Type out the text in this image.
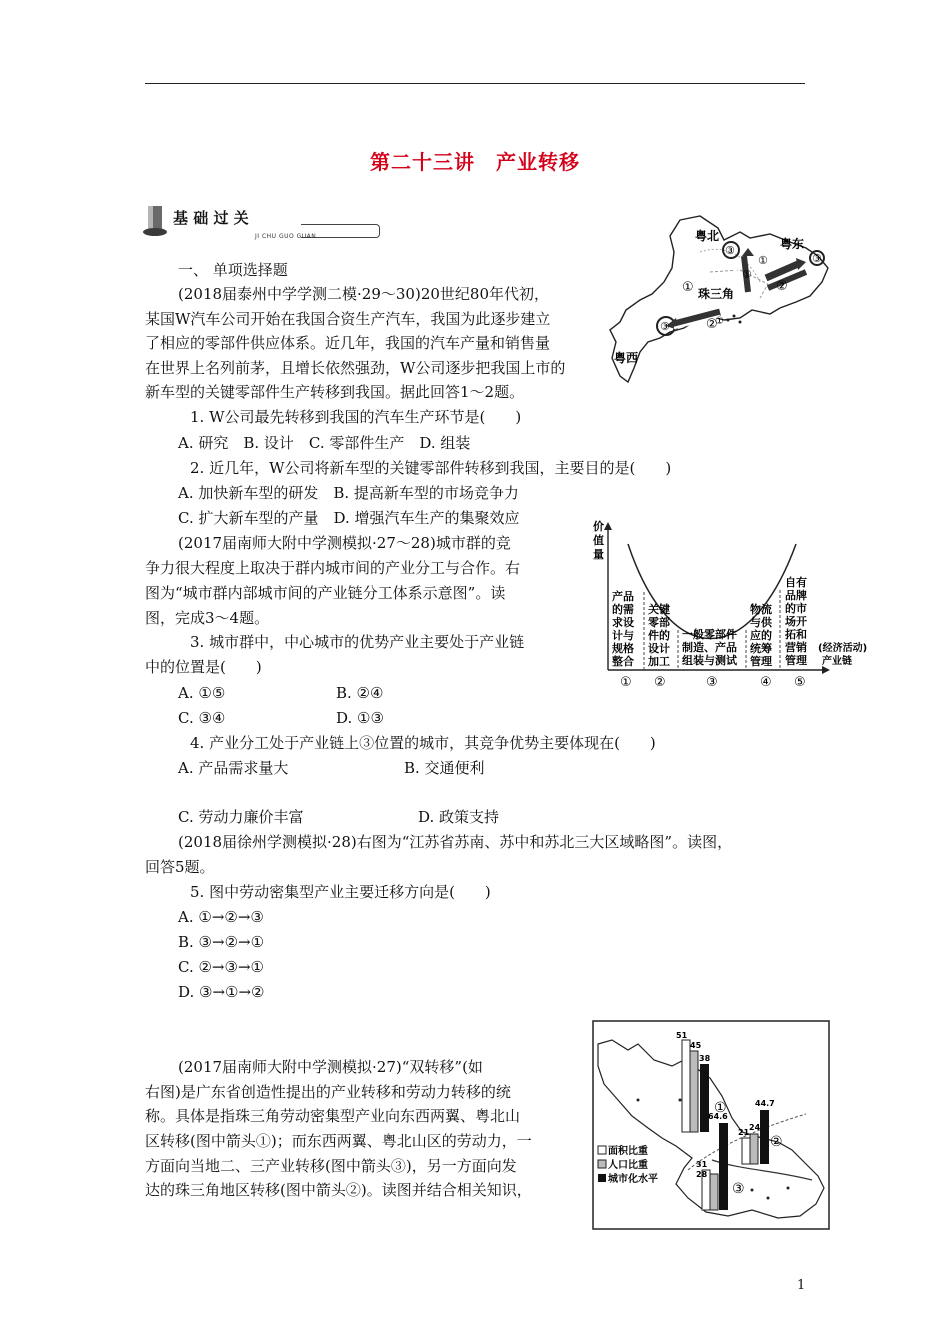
第二十三讲　产业转移
基 础 过 关
JI CHU GUO GUAN
一、 单项选择题
(2018届泰州中学学测二模·29～30)20世纪80年代初，
某国W汽车公司开始在我国合资生产汽车，我国为此逐步建立
了相应的零部件供应体系。近几年，我国的汽车产量和销售量
在世界上名列前茅，且增长依然强劲，W公司逐步把我国上市的
新车型的关键零部件生产转移到我国。据此回答1～2题。
1. W公司最先转移到我国的汽车生产环节是(　　)
A. 研究　B. 设计　C. 零部件生产　D. 组装
2. 近几年，W公司将新车型的关键零部件转移到我国，主要目的是(　　)
A. 加快新车型的研发　B. 提高新车型的市场竞争力
C. 扩大新车型的产量　D. 增强汽车生产的集聚效应
(2017届南师大附中学测模拟·27～28)城市群的竞
争力很大程度上取决于群内城市间的产业分工与合作。右
图为“城市群内部城市间的产业链分工体系示意图”。读
图，完成3～4题。
3. 城市群中，中心城市的优势产业主要处于产业链
中的位置是(　　)
A. ①⑤	B. ②④
C. ③④	D. ①③
4. 产业分工处于产业链上③位置的城市，其竞争优势主要体现在(　　)
A. 产品需求量大	B. 交通便利
C. 劳动力廉价丰富	D. 政策支持
(2018届徐州学测模拟·28)右图为“江苏省苏南、苏中和苏北三大区域略图”。读图，
回答5题。
5. 图中劳动密集型产业主要迁移方向是(　　)
A. ①→②→③
B. ③→②→①
C. ②→③→①
D. ③→①→②
(2017届南师大附中学测模拟·27)“双转移”(如
右图)是广东省创造性提出的产业转移和劳动力转移的统
称。具体是指珠三角劳动密集型产业向东西两翼、粤北山
区转移(图中箭头①)；而东西两翼、粤北山区的劳动力，一
方面向当地二、三产业转移(图中箭头③)，另一方面向发
达的珠三角地区转移(图中箭头②)。读图并结合相关知识，
粤北
粤东
珠三角
粤西
①
②
③
①
①
②
③
③	①
价
值
量
产品的需求设计与规格整合
关键零部件的设计加工
一般零部件制造、产品组装与测试
物流与供应的统筹管理
自有品牌的市场开拓和营销管理
(经济活动)
产业链
① ②	③	④ ⑤
51
45
38
①
21
24
44.7
②
31
28
64.6
③
面积比重
人口比重
城市化水平
1
